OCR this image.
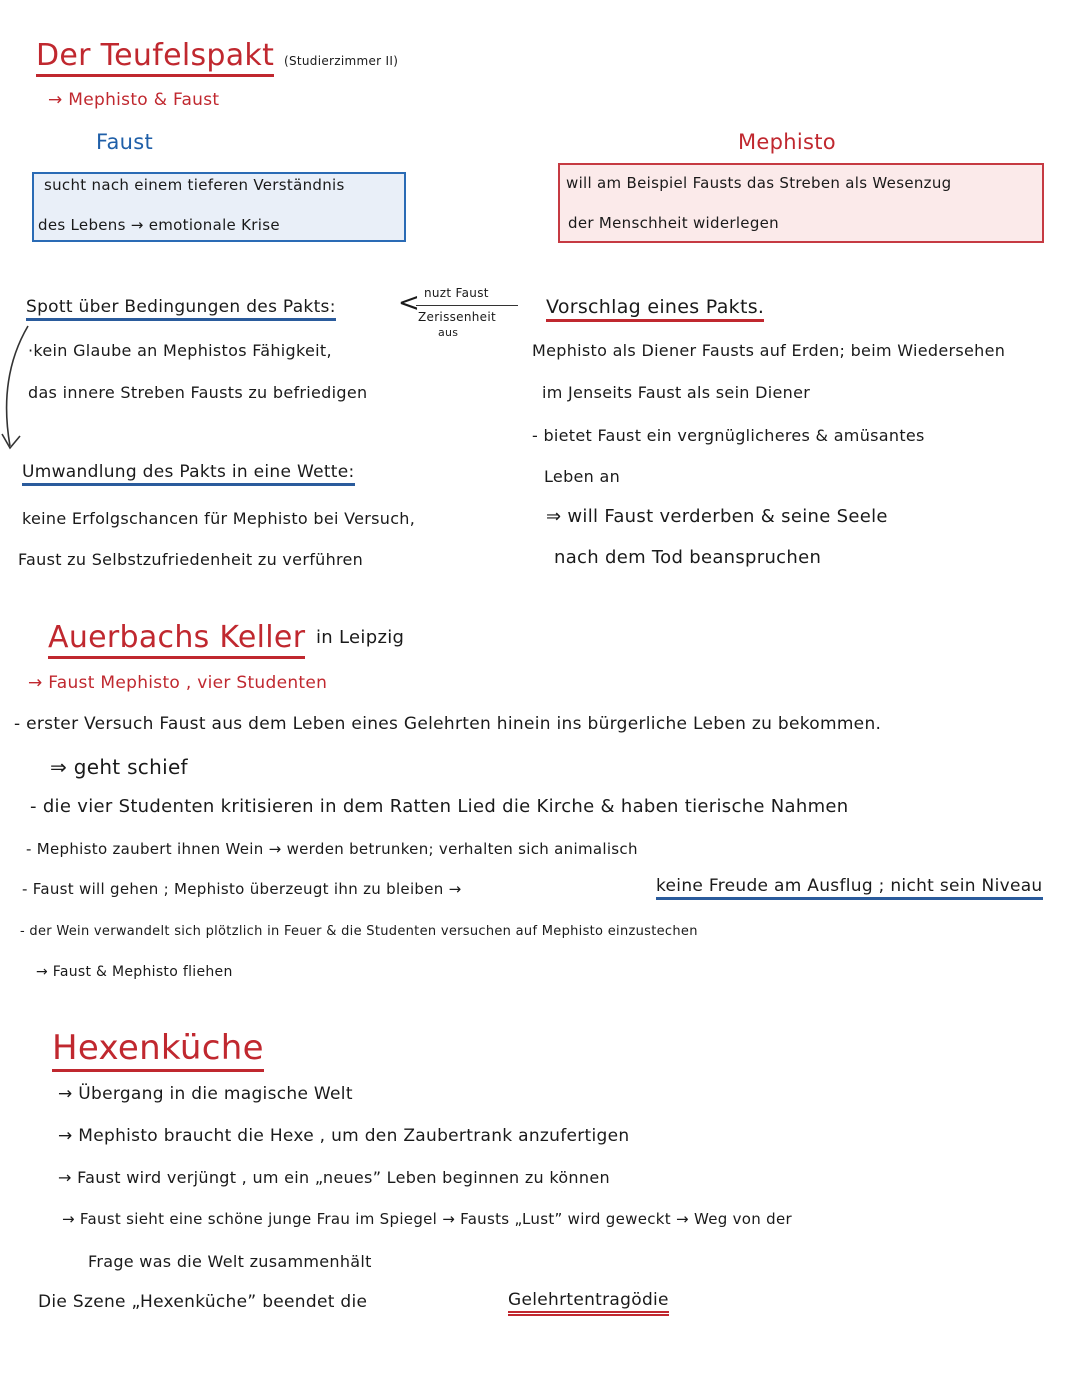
Der Teufelspakt (Studierzimmer II)
→ Mephisto & Faust
Faust	Mephisto
sucht nach einem tieferen Verständnis
des Lebens → emotionale Krise
will am Beispiel Fausts das Streben als Wesenzug
der Menschheit widerlegen
Spott über Bedingungen des Pakts:
·kein Glaube an Mephistos Fähigkeit,
das innere Streben Fausts zu befriedigen
< nuzt Faust
Zerissenheit
aus
Vorschlag eines Pakts.
Mephisto als Diener Fausts auf Erden; beim Wiedersehen
im Jenseits Faust als sein Diener
- bietet Faust ein vergnüglicheres & amüsantes
Leben an
⇒ will Faust verderben & seine Seele
nach dem Tod beanspruchen
Umwandlung des Pakts in eine Wette:
keine Erfolgschancen für Mephisto bei Versuch,
Faust zu Selbstzufriedenheit zu verführen
Auerbachs Keller in Leipzig
→ Faust Mephisto , vier Studenten
- erster Versuch Faust aus dem Leben eines Gelehrten hinein ins bürgerliche Leben zu bekommen.
⇒ geht schief
- die vier Studenten kritisieren in dem Ratten Lied die Kirche & haben tierische Nahmen
- Mephisto zaubert ihnen Wein → werden betrunken; verhalten sich animalisch
- Faust will gehen ; Mephisto überzeugt ihn zu bleiben →	keine Freude am Ausflug ; nicht sein Niveau
- der Wein verwandelt sich plötzlich in Feuer & die Studenten versuchen auf Mephisto einzustechen
→ Faust & Mephisto fliehen
Hexenküche
→ Übergang in die magische Welt
→ Mephisto braucht die Hexe , um den Zaubertrank anzufertigen
→ Faust wird verjüngt , um ein „neues” Leben beginnen zu können
→ Faust sieht eine schöne junge Frau im Spiegel → Fausts „Lust” wird geweckt → Weg von der
Frage was die Welt zusammenhält
Die Szene „Hexenküche” beendet die	Gelehrtentragödie
